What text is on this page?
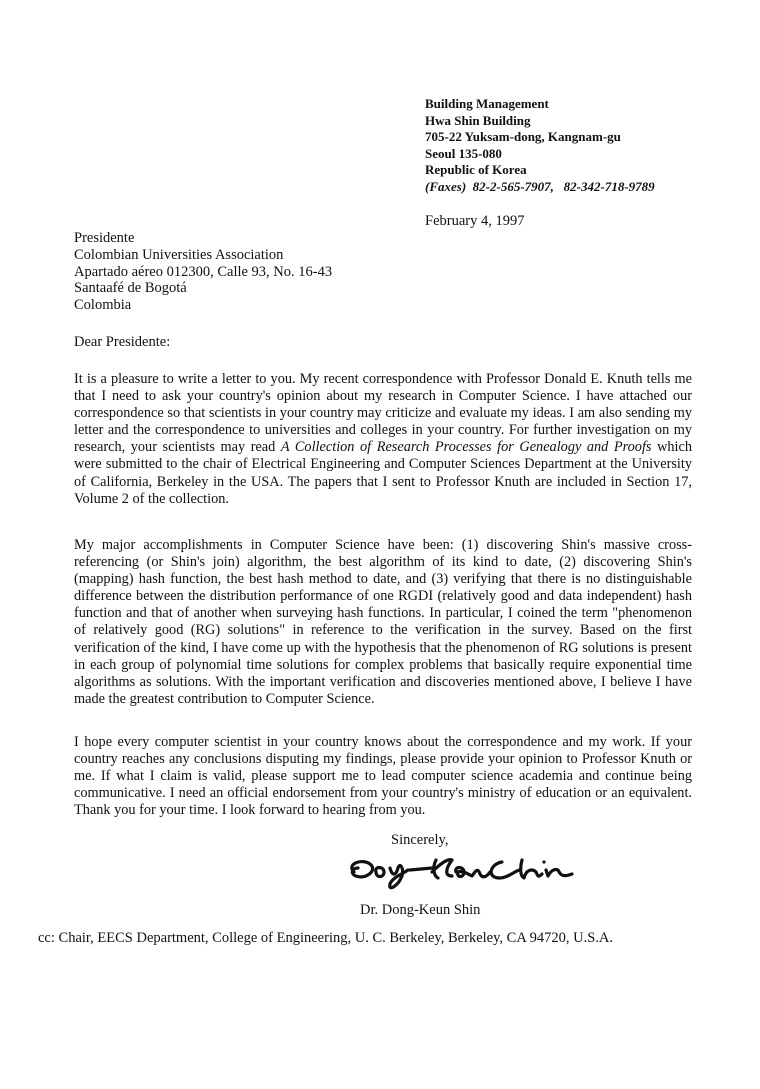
Building Management
Hwa Shin Building
705-22 Yuksam-dong, Kangnam-gu
Seoul 135-080
Republic of Korea
(Faxes) 82-2-565-7907, 82-342-718-9789
February 4, 1997
Presidente
Colombian Universities Association
Apartado aéreo 012300, Calle 93, No. 16-43
Santaafé de Bogotá
Colombia
Dear Presidente:

It is a pleasure to write a letter to you. My recent correspondence with Professor Donald E. Knuth tells me that I need to ask your country's opinion about my research in Computer Science. I have attached our correspondence so that scientists in your country may criticize and evaluate my ideas. I am also sending my letter and the correspondence to universities and colleges in your country. For further investigation on my research, your scientists may read A Collection of Research Processes for Genealogy and Proofs which were submitted to the chair of Electrical Engineering and Computer Sciences Department at the University of California, Berkeley in the USA. The papers that I sent to Professor Knuth are included in Section 17, Volume 2 of the collection.

My major accomplishments in Computer Science have been: (1) discovering Shin's massive cross-referencing (or Shin's join) algorithm, the best algorithm of its kind to date, (2) discovering Shin's (mapping) hash function, the best hash method to date, and (3) verifying that there is no distinguishable difference between the distribution performance of one RGDI (relatively good and data independent) hash function and that of another when surveying hash functions. In particular, I coined the term "phenomenon of relatively good (RG) solutions" in reference to the verification in the survey. Based on the first verification of the kind, I have come up with the hypothesis that the phenomenon of RG solutions is present in each group of polynomial time solutions for complex problems that basically require exponential time algorithms as solutions. With the important verification and discoveries mentioned above, I believe I have made the greatest contribution to Computer Science.

I hope every computer scientist in your country knows about the correspondence and my work. If your country reaches any conclusions disputing my findings, please provide your opinion to Professor Knuth or me. If what I claim is valid, please support me to lead computer science academia and continue being communicative. I need an official endorsement from your country's ministry of education or an equivalent. Thank you for your time. I look forward to hearing from you.

Sincerely,
Dr. Dong-Keun Shin
cc: Chair, EECS Department, College of Engineering, U. C. Berkeley, Berkeley, CA 94720, U.S.A.
